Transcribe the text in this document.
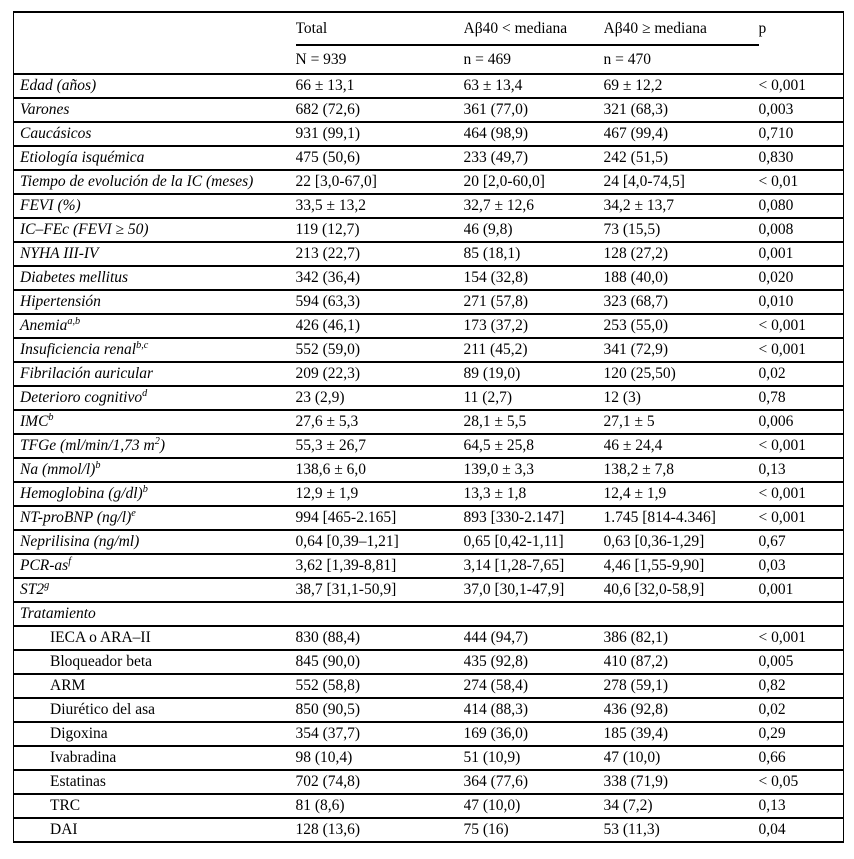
	Total	Aβ40 < mediana	Aβ40 ≥ mediana	p
	N = 939	n = 469	n = 470	
Edad (años)	66 ± 13,1	63 ± 13,4	69 ± 12,2	< 0,001
Varones	682 (72,6)	361 (77,0)	321 (68,3)	0,003
Caucásicos	931 (99,1)	464 (98,9)	467 (99,4)	0,710
Etiología isquémica	475 (50,6)	233 (49,7)	242 (51,5)	0,830
Tiempo de evolución de la IC (meses)	22 [3,0-67,0]	20 [2,0-60,0]	24 [4,0-74,5]	< 0,01
FEVI (%)	33,5 ± 13,2	32,7 ± 12,6	34,2 ± 13,7	0,080
IC–FEc (FEVI ≥ 50)	119 (12,7)	46 (9,8)	73 (15,5)	0,008
NYHA III-IV	213 (22,7)	85 (18,1)	128 (27,2)	0,001
Diabetes mellitus	342 (36,4)	154 (32,8)	188 (40,0)	0,020
Hipertensión	594 (63,3)	271 (57,8)	323 (68,7)	0,010
Anemia$^{a,b}$	426 (46,1)	173 (37,2)	253 (55,0)	< 0,001
Insuficiencia renal$^{b,c}$	552 (59,0)	211 (45,2)	341 (72,9)	< 0,001
Fibrilación auricular	209 (22,3)	89 (19,0)	120 (25,50)	0,02
Deterioro cognitivo$^d$	23 (2,9)	11 (2,7)	12 (3)	0,78
IMC$^b$	27,6 ± 5,3	28,1 ± 5,5	27,1 ± 5	0,006
TFGe (ml/min/1,73 $m^2$)	55,3 ± 26,7	64,5 ± 25,8	46 ± 24,4	< 0,001
Na (mmol/l)$^b$	138,6 ± 6,0	139,0 ± 3,3	138,2 ± 7,8	0,13
Hemoglobina $(g/dl)^b$	12,9 ± 1,9	13,3 ± 1,8	12,4 ± 1,9	< 0,001
NT-proBNP $(ng/l)^e$	994 [465-2.165]	893 [330-2.147]	1.745 [814-4.346]	< 0,001
Neprilisina (ng/ml)	0,64 [0,39–1,21]	0,65 [0,42-1,11]	0,63 [0,36-1,29]	0,67
PCR-$as^f$	3,62 [1,39-8,81]	3,14 [1,28-7,65]	4,46 [1,55-9,90]	0,03
ST2$^g$	38,7 [31,1-50,9]	37,0 [30,1-47,9]	40,6 [32,0-58,9]	0,001
Tratamiento				
IECA o ARA–II	830 (88,4)	444 (94,7)	386 (82,1)	< 0,001
Bloqueador beta	845 (90,0)	435 (92,8)	410 (87,2)	0,005
ARM	552 (58,8)	274 (58,4)	278 (59,1)	0,82
Diurético del asa	850 (90,5)	414 (88,3)	436 (92,8)	0,02
Digoxina	354 (37,7)	169 (36,0)	185 (39,4)	0,29
Ivabradina	98 (10,4)	51 (10,9)	47 (10,0)	0,66
Estatinas	702 (74,8)	364 (77,6)	338 (71,9)	< 0,05
TRC	81 (8,6)	47 (10,0)	34 (7,2)	0,13
DAI	128 (13,6)	75 (16)	53 (11,3)	0,04
